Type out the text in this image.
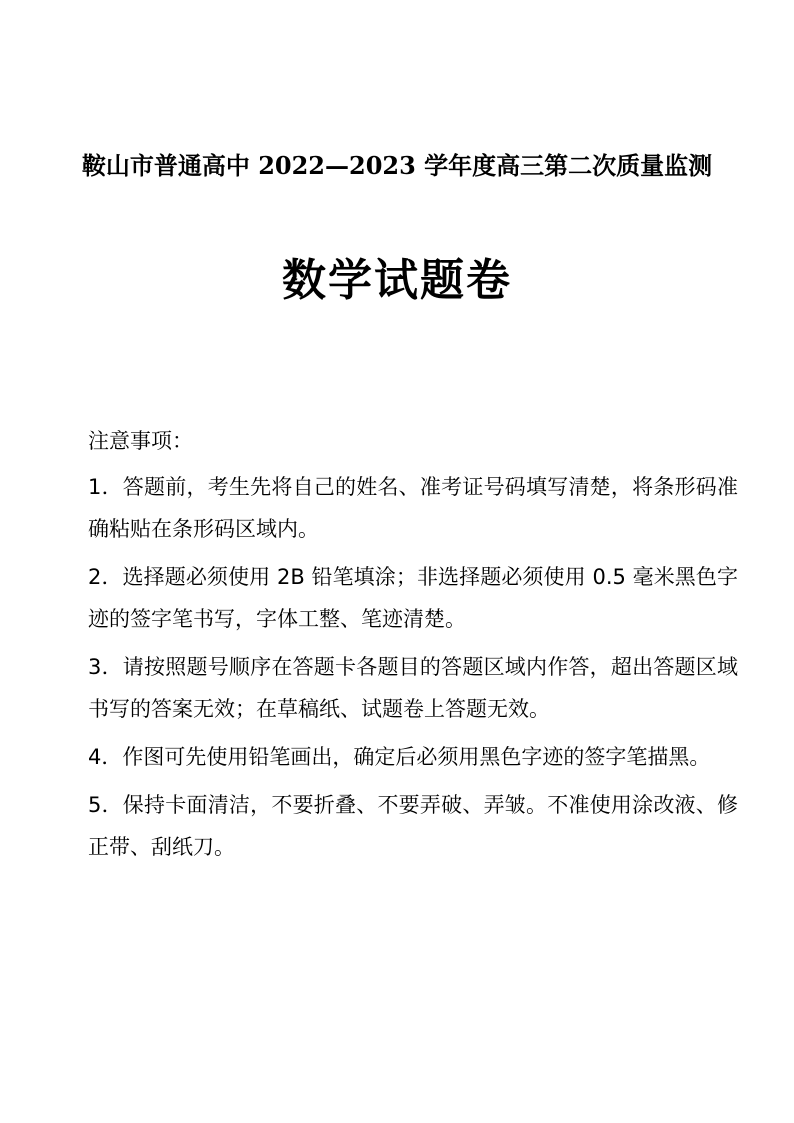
鞍山市普通高中 2022—2023 学年度高三第二次质量监测
数学试题卷
注意事项：

1．答题前，考生先将自己的姓名、准考证号码填写清楚，将条形码准确粘贴在条形码区域内。

2．选择题必须使用 2B 铅笔填涂；非选择题必须使用 0.5 毫米黑色字迹的签字笔书写，字体工整、笔迹清楚。

3．请按照题号顺序在答题卡各题目的答题区域内作答，超出答题区域书写的答案无效；在草稿纸、试题卷上答题无效。

4．作图可先使用铅笔画出，确定后必须用黑色字迹的签字笔描黑。

5．保持卡面清洁，不要折叠、不要弄破、弄皱。不准使用涂改液、修正带、刮纸刀。
